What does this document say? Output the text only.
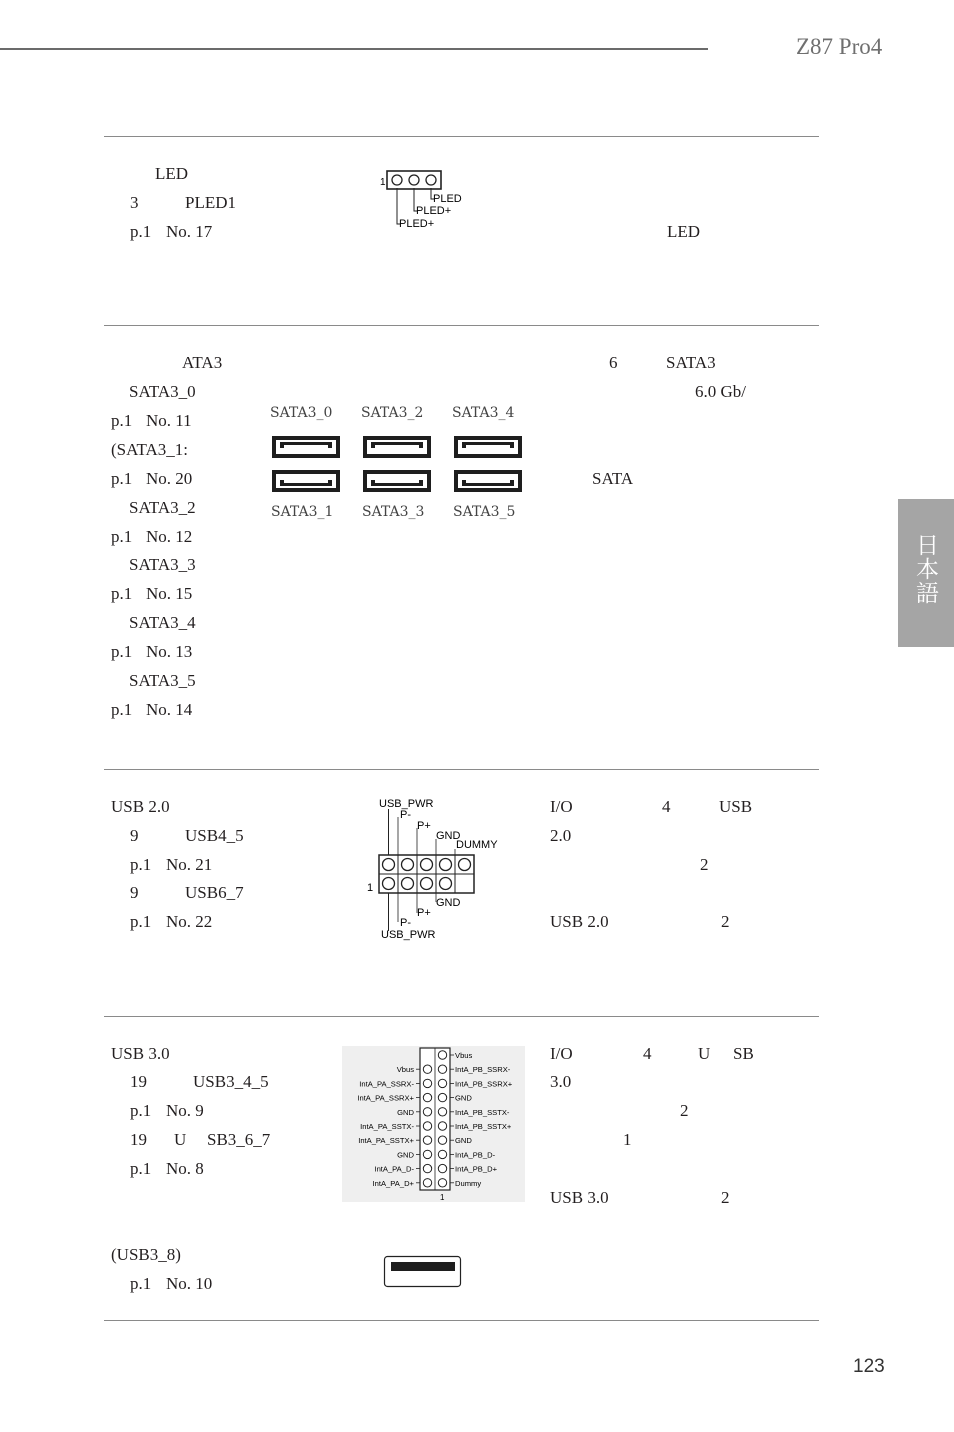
Z87 Pro4
日本語
123
LED
3	PLED1
p.1 No. 17	LED
1
PLED
PLED+
PLED+
ATA3
SATA3_0
p.1 No. 11
(SATA3_1:
p.1 No. 20
SATA3_2
p.1 No. 12
SATA3_3
p.1 No. 15
SATA3_4
p.1 No. 13
SATA3_5
p.1 No. 14
6	SATA3
6.0 Gb/
SATA
SATA3_0 SATA3_2 SATA3_4
SATA3_1 SATA3_3 SATA3_5
USB 2.0
9	USB4_5
p.1 No. 21
9	USB6_7
p.1 No. 22
I/O	4	USB
2.0
2
USB 2.0	2
USB_PWR
P-
P+
GND
DUMMY
1
GND
P+
P-
USB_PWR
USB 3.0
19	USB3_4_5
p.1 No. 9
19 U SB3_6_7
p.1 No. 8
I/O	4	U SB
3.0
2
1
USB 3.0	2
Vbus
IntA_PA_SSRX-
IntA_PA_SSRX+
GND
IntA_PA_SSTX-
IntA_PA_SSTX+
GND
IntA_PA_D-
IntA_PA_D+
Vbus
IntA_PB_SSRX-
IntA_PB_SSRX+
GND
IntA_PB_SSTX-
IntA_PB_SSTX+
GND
IntA_PB_D-
IntA_PB_D+
Dummy
1
(USB3_8)
p.1 No. 10
